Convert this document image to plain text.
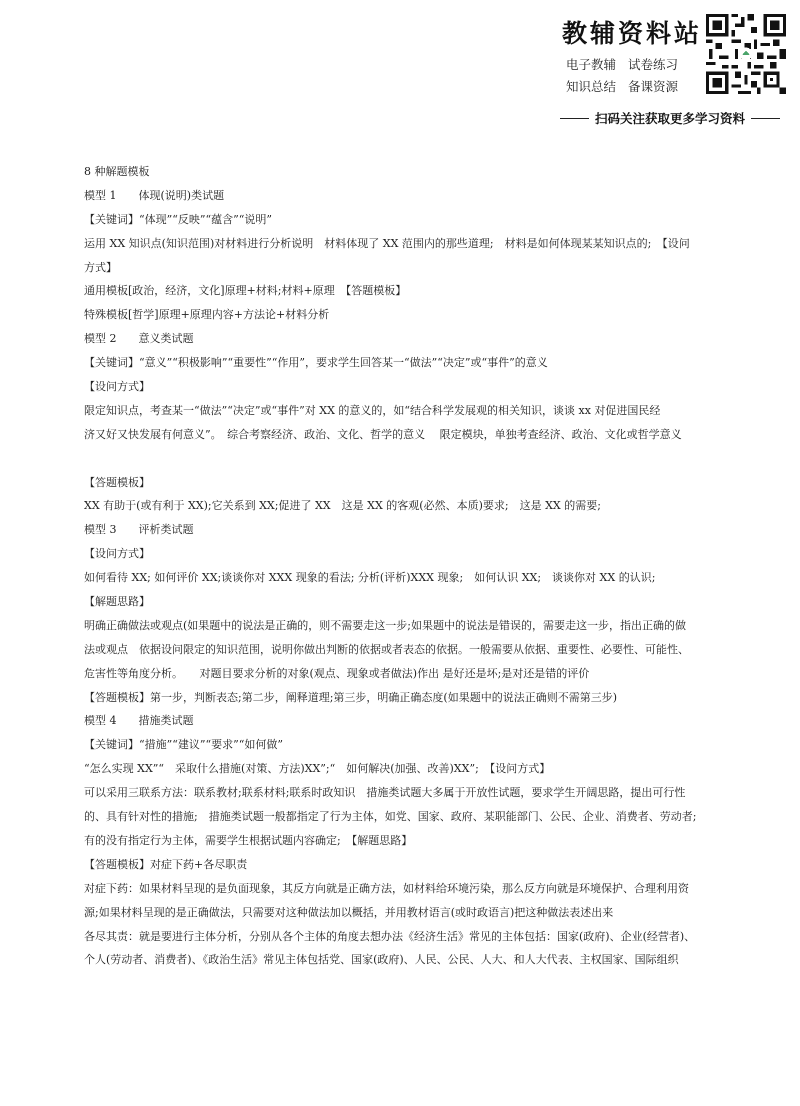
教辅资料站
电子教辅 试卷练习
知识总结 备课资源
扫码关注获取更多学习资料
8 种解题模板
模型 1　　体现(说明)类试题
【关键词】“体现”“反映”“蕴含”“说明”
运用 XX 知识点(知识范围)对材料进行分析说明　材料体现了 XX 范围内的那些道理;　材料是如何体现某某知识点的;　【设问
方式】
通用模板[政治，经济，文化]原理+材料;材料+原理　【答题模板】
特殊模板[哲学]原理+原理内容+方法论+材料分析
模型 2　　意义类试题
【关键词】“意义”“积极影响”“重要性”“作用”，要求学生回答某一“做法”“决定”或“事件”的意义
【设问方式】
限定知识点，考查某一“做法”“决定”或“事件”对 XX 的意义的，如“结合科学发展观的相关知识，谈谈 xx 对促进国民经
济又好又快发展有何意义”。　综合考察经济、政治、文化、哲学的意义　 限定模块，单独考查经济、政治、文化或哲学意义
【答题模板】
XX 有助于(或有利于 XX);它关系到 XX;促进了 XX　这是 XX 的客观(必然、本质)要求;　这是 XX 的需要;
模型 3　　评析类试题
【设问方式】
如何看待 XX; 如何评价 XX;谈谈你对 XXX 现象的看法; 分析(评析)XXX 现象;　如何认识 XX;　谈谈你对 XX 的认识;
【解题思路】
明确正确做法或观点(如果题中的说法是正确的，则不需要走这一步;如果题中的说法是错误的，需要走这一步，指出正确的做
法或观点　依据设问限定的知识范围，说明你做出判断的依据或者表态的依据。一般需要从依据、重要性、必要性、可能性、
危害性等角度分析。　　对题目要求分析的对象(观点、现象或者做法)作出 是好还是坏;是对还是错的评价
【答题模板】第一步，判断表态;第二步，阐释道理;第三步，明确正确态度(如果题中的说法正确则不需第三步)
模型 4　　措施类试题
【关键词】“措施”“建议”“要求”“如何做”
“怎么实现 XX”“　采取什么措施(对策、方法)XX”;“　如何解决(加强、改善)XX”;　【设问方式】
可以采用三联系方法：联系教材;联系材料;联系时政知识　措施类试题大多属于开放性试题，要求学生开阔思路，提出可行性
的、具有针对性的措施;　措施类试题一般都指定了行为主体，如党、国家、政府、某职能部门、公民、企业、消费者、劳动者;
有的没有指定行为主体，需要学生根据试题内容确定;　【解题思路】
【答题模板】对症下药+各尽职责
对症下药：如果材料呈现的是负面现象，其反方向就是正确方法，如材料给环境污染，那么反方向就是环境保护、合理利用资
源;如果材料呈现的是正确做法，只需要对这种做法加以概括，并用教材语言(或时政语言)把这种做法表述出来
各尽其责：就是要进行主体分析，分别从各个主体的角度去想办法《经济生活》常见的主体包括：国家(政府)、企业(经营者)、
个人(劳动者、消费者)、《政治生活》常见主体包括党、国家(政府)、人民、公民、人大、和人大代表、主权国家、国际组织
